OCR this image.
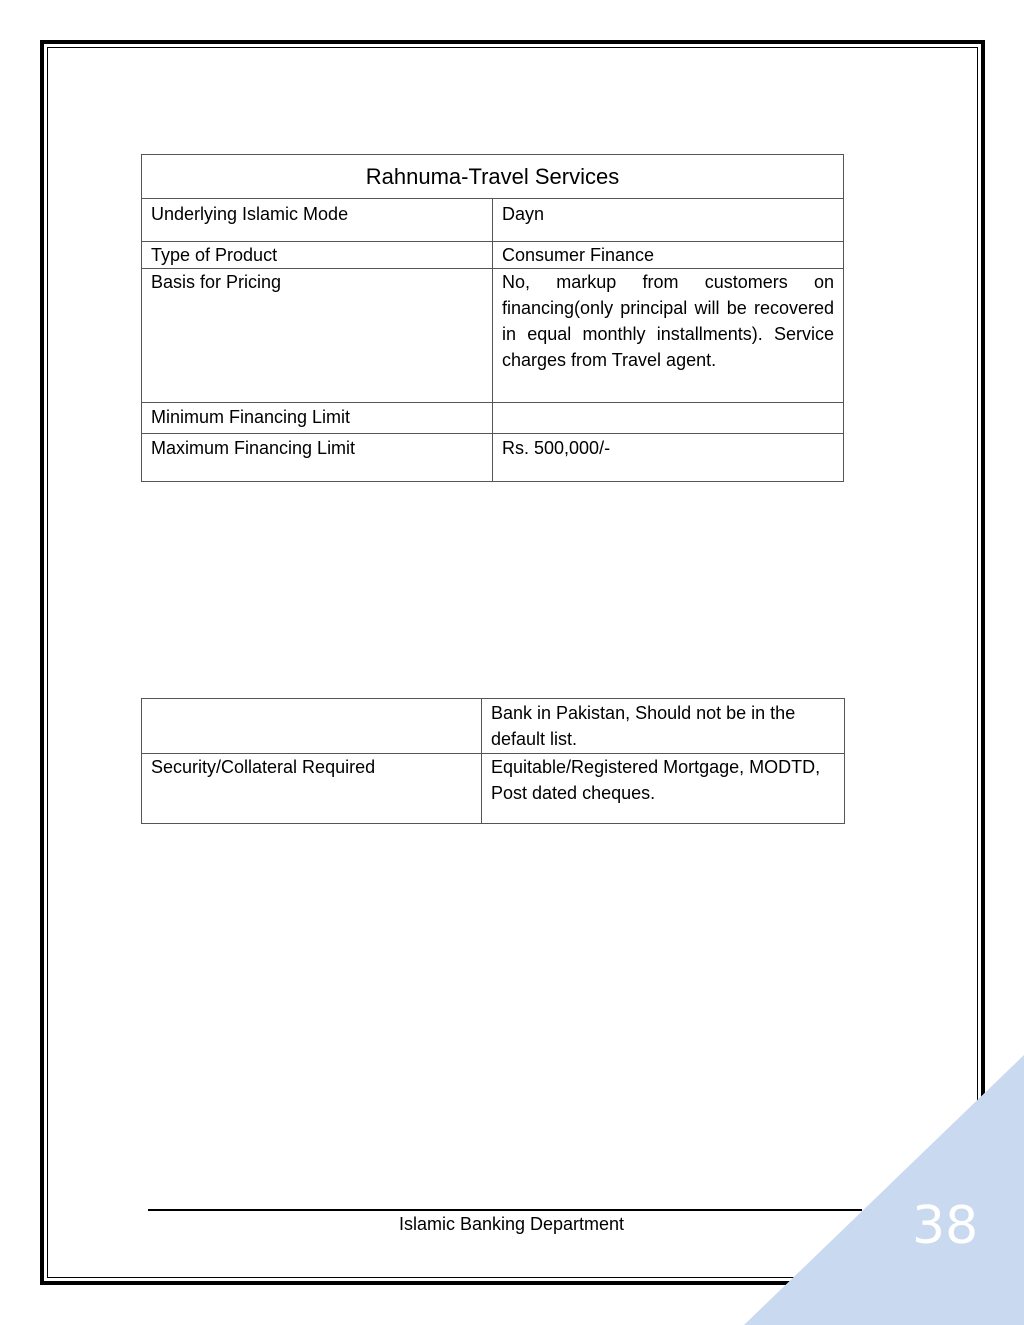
Rahnuma-Travel Services	
Underlying Islamic Mode	Dayn
Type of Product	Consumer Finance
Basis for Pricing	No, markup from customers on financing(only principal will be recovered in equal monthly installments). Service charges from Travel agent.
Minimum Financing Limit	
Maximum Financing Limit	Rs. 500,000/-
	Bank in Pakistan, Should not be in the default list.
Security/Collateral Required	Equitable/Registered Mortgage, MODTD, Post dated cheques.
Islamic Banking Department	38
